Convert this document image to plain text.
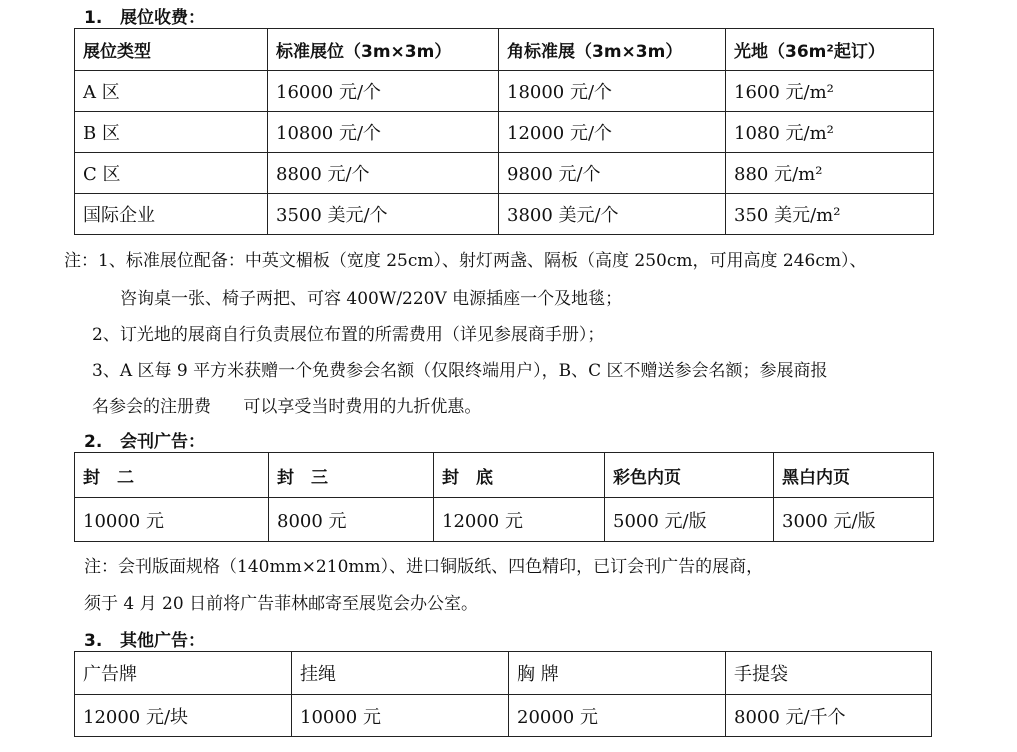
1. 展位收费：
展位类型	标准展位（3m×3m）	角标准展（3m×3m）	光地（36m²起订）
A 区	16000 元/个	18000 元/个	1600 元/m²
B 区	10800 元/个	12000 元/个	1080 元/m²
C 区	8800 元/个	9800 元/个	880 元/m²
国际企业	3500 美元/个	3800 美元/个	350 美元/m²
注：1、标准展位配备：中英文楣板（宽度 25cm）、射灯两盏、隔板（高度 250cm，可用高度 246cm）、
咨询桌一张、椅子两把、可容 400W/220V 电源插座一个及地毯；
2、订光地的展商自行负责展位布置的所需费用（详见参展商手册）；
3、A 区每 9 平方米获赠一个免费参会名额（仅限终端用户），B、C 区不赠送参会名额；参展商报
名参会的注册费      可以享受当时费用的九折优惠。
2. 会刊广告：
封　二	封　三	封　底	彩色内页	黑白内页
10000 元	8000 元	12000 元	5000 元/版	3000 元/版
注：会刊版面规格（140mm×210mm）、进口铜版纸、四色精印，已订会刊广告的展商，
须于 4 月 20 日前将广告菲林邮寄至展览会办公室。
3. 其他广告：
广告牌	挂绳	胸 牌	手提袋
12000 元/块	10000 元	20000 元	8000 元/千个
